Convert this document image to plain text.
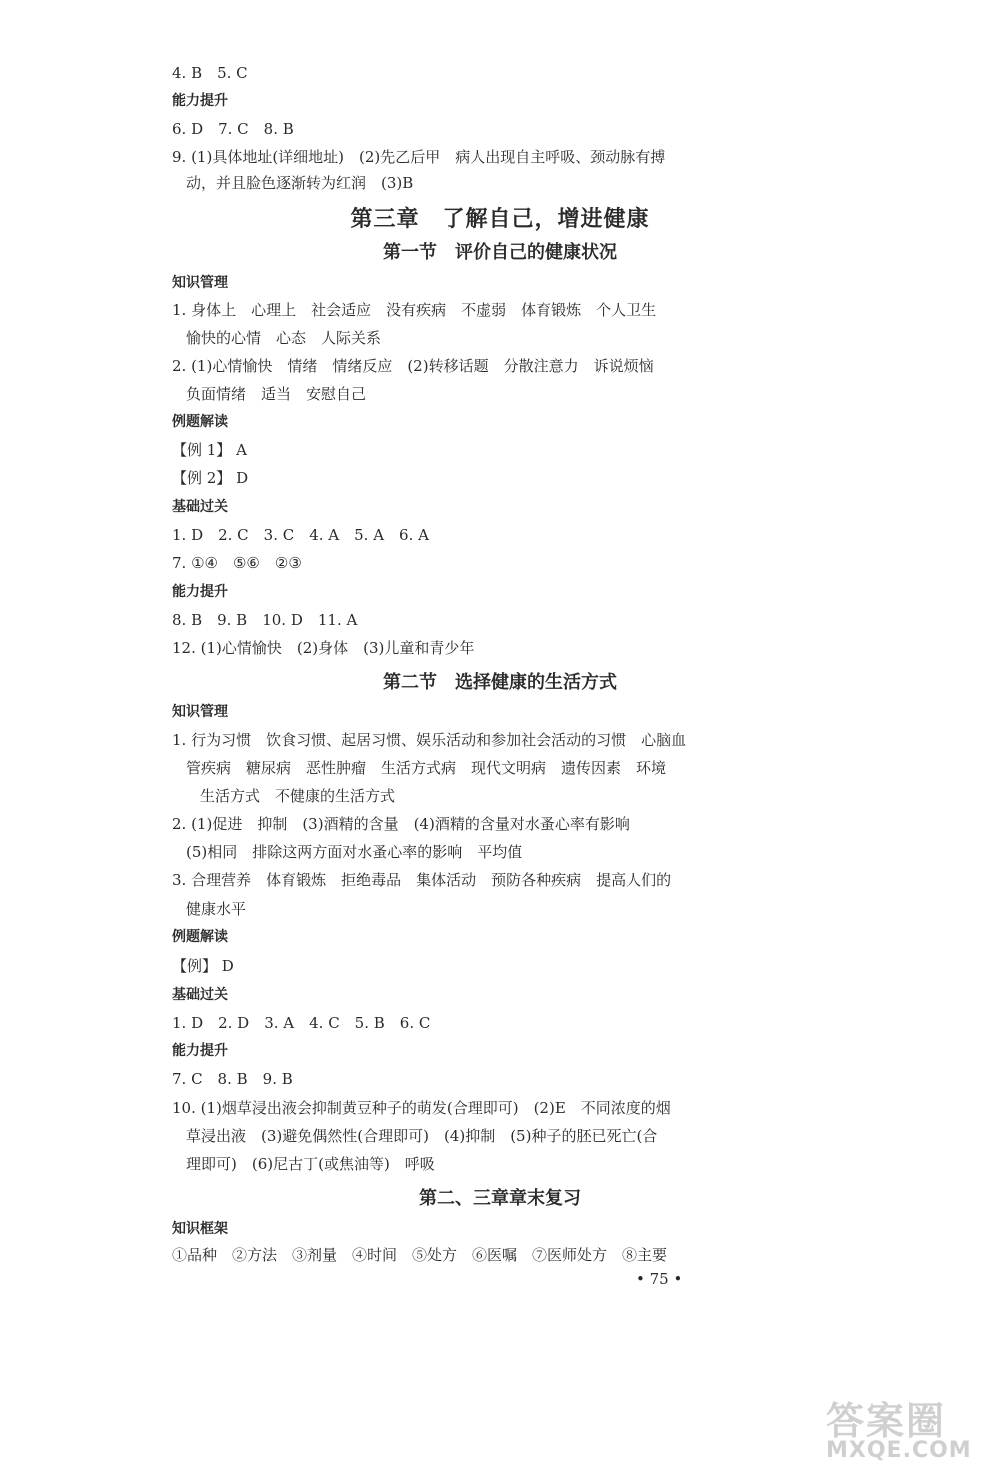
4. B　5. C
能力提升
6. D　7. C　8. B
9. (1)具体地址(详细地址)　(2)先乙后甲　病人出现自主呼吸、颈动脉有搏
动，并且脸色逐渐转为红润　(3)B
第三章　了解自己，增进健康
第一节　评价自己的健康状况
知识管理
1. 身体上　心理上　社会适应　没有疾病　不虚弱　体育锻炼　个人卫生
愉快的心情　心态　人际关系
2. (1)心情愉快　情绪　情绪反应　(2)转移话题　分散注意力　诉说烦恼
负面情绪　适当　安慰自己
例题解读
【例 1】 A
【例 2】 D
基础过关
1. D　2. C　3. C　4. A　5. A　6. A
7. ①④　⑤⑥　②③
能力提升
8. B　9. B　10. D　11. A
12. (1)心情愉快　(2)身体　(3)儿童和青少年
第二节　选择健康的生活方式
知识管理
1. 行为习惯　饮食习惯、起居习惯、娱乐活动和参加社会活动的习惯　心脑血
管疾病　糖尿病　恶性肿瘤　生活方式病　现代文明病　遗传因素　环境
生活方式　不健康的生活方式
2. (1)促进　抑制　(3)酒精的含量　(4)酒精的含量对水蚤心率有影响
(5)相同　排除这两方面对水蚤心率的影响　平均值
3. 合理营养　体育锻炼　拒绝毒品　集体活动　预防各种疾病　提高人们的
健康水平
例题解读
【例】 D
基础过关
1. D　2. D　3. A　4. C　5. B　6. C
能力提升
7. C　8. B　9. B
10. (1)烟草浸出液会抑制黄豆种子的萌发(合理即可)　(2)E　不同浓度的烟
草浸出液　(3)避免偶然性(合理即可)　(4)抑制　(5)种子的胚已死亡(合
理即可)　(6)尼古丁(或焦油等)　呼吸
第二、三章章末复习
知识框架
①品种　②方法　③剂量　④时间　⑤处方　⑥医嘱　⑦医师处方　⑧主要
• 75 •
答案圈
MXQE.COM
